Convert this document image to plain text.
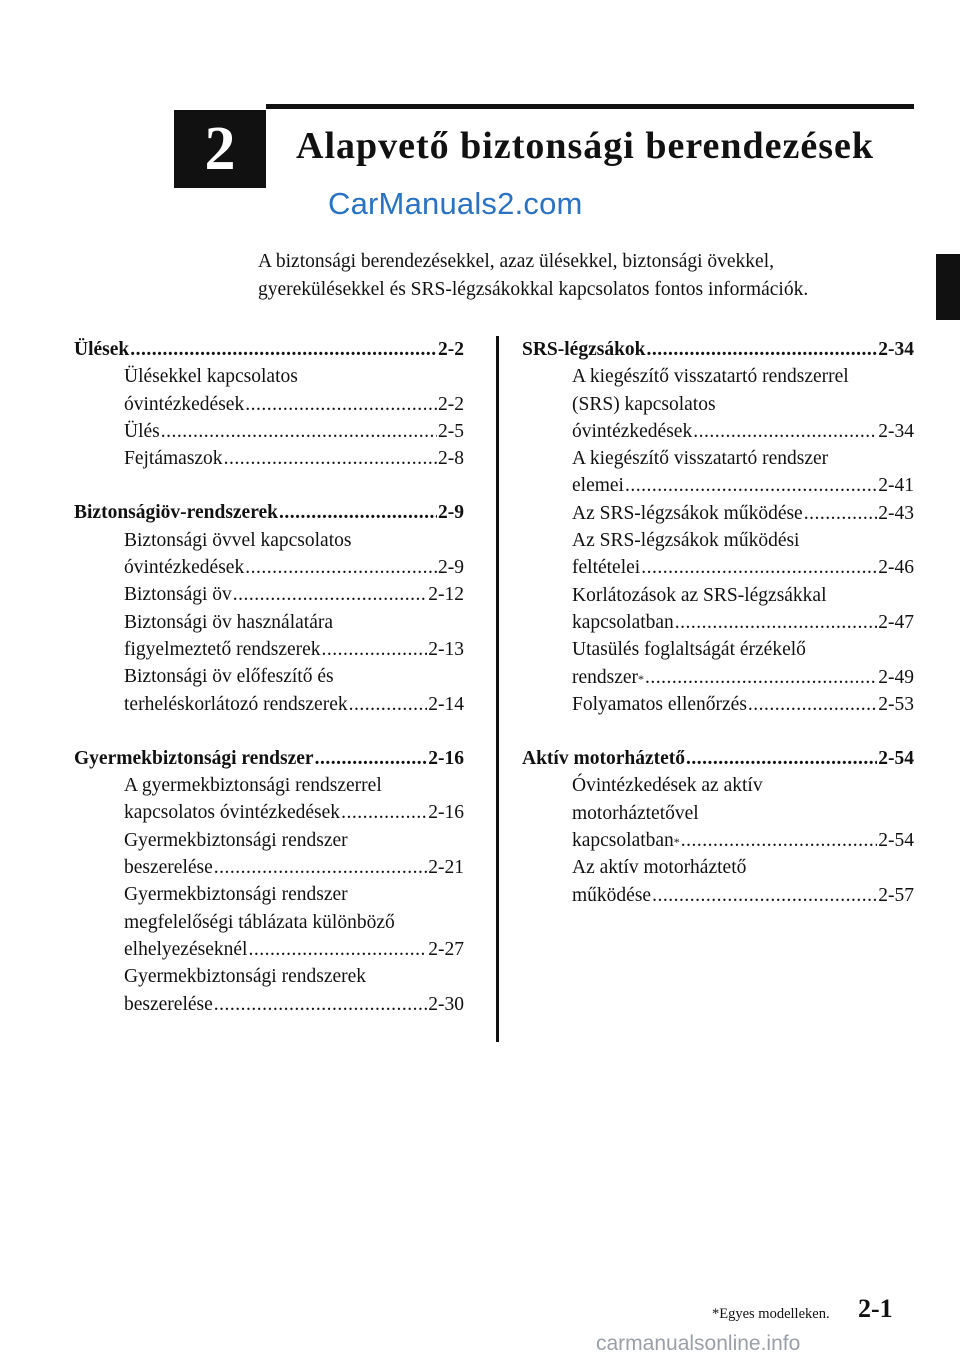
2 Alapvető biztonsági berendezések
CarManuals2.com
A biztonsági berendezésekkel, azaz ülésekkel, biztonsági övekkel,
gyerekülésekkel és SRS-légzsákokkal kapcsolatos fontos információk.
Ülések .....	2-2
Ülésekkel kapcsolatos
óvintézkedések .....	2-2
Ülés .....	2-5
Fejtámaszok .....	2-8
Biztonságiöv-rendszerek .....	2-9
Biztonsági övvel kapcsolatos
óvintézkedések .....	2-9
Biztonsági öv .....	2-12
Biztonsági öv használatára
figyelmeztető rendszerek .....	2-13
Biztonsági öv előfeszítő és
terheléskorlátozó rendszerek .....	2-14
Gyermekbiztonsági rendszer .....	2-16
A gyermekbiztonsági rendszerrel
kapcsolatos óvintézkedések .....	2-16
Gyermekbiztonsági rendszer
beszerelése .....	2-21
Gyermekbiztonsági rendszer
megfelelőségi táblázata különböző
elhelyezéseknél .....	2-27
Gyermekbiztonsági rendszerek
beszerelése .....	2-30
SRS-légzsákok .....	2-34
A kiegészítő visszatartó rendszerrel
(SRS) kapcsolatos
óvintézkedések .....	2-34
A kiegészítő visszatartó rendszer
elemei .....	2-41
Az SRS-légzsákok működése .....	2-43
Az SRS-légzsákok működési
feltételei .....	2-46
Korlátozások az SRS-légzsákkal
kapcsolatban .....	2-47
Utasülés foglaltságát érzékelő
rendszer * .....	2-49
Folyamatos ellenőrzés .....	2-53
Aktív motorháztető .....	2-54
Óvintézkedések az aktív
motorháztetővel
kapcsolatban * .....	2-54
Az aktív motorháztető
működése .....	2-57
*Egyes modelleken. 2-1
carmanualsonline.info
